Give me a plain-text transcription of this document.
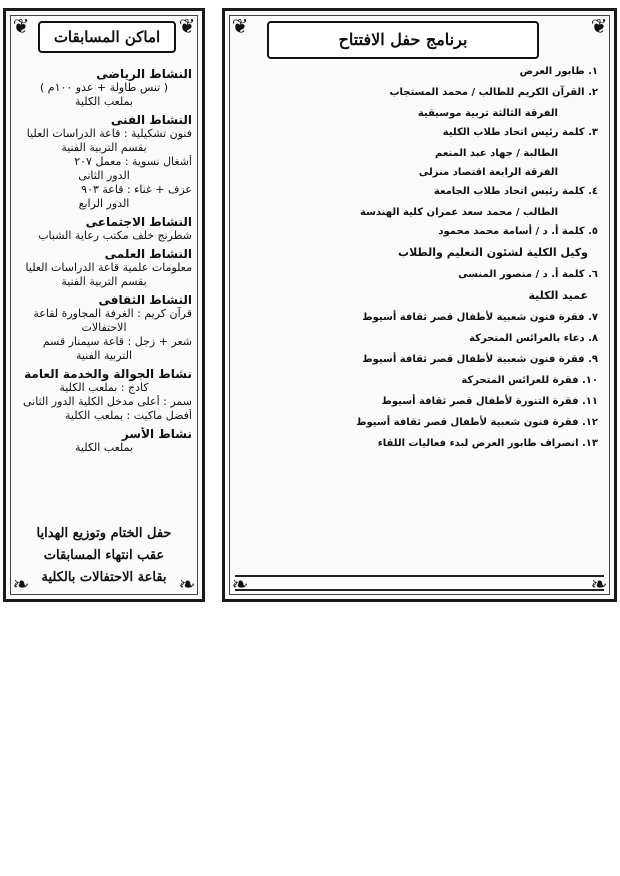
❦	❦
❧	❧
اماكن المسابقات
النشاط الرياضى
( تنس طاولة + عدو ١٠٠م )
بملعب الكلية
النشاط الفنى
فنون تشكيلية : قاعة الدراسات العليا
بقسم التربية الفنية
أشغال نسوية : معمل ٢٠٧
الدور الثانى
عزف + غناء : قاعة ٩٠٣
الدور الرابع
النشاط الاجتماعى
شطرنج خلف مكتب رعاية الشباب
النشاط العلمى
معلومات علمية قاعة الدراسات العليا
بقسم التربية الفنية
النشاط الثقافى
قرآن كريم : الغرفة المجاورة لقاعة
الاحتفالات
شعر + زجل : قاعة سيمنار قسم
التربية الفنية
نشاط الجوالة والخدمة العامة
كادج : بملعب الكلية
سمر : أعلى مدخل الكلية الدور الثانى
أفضل ماكيت : بملعب الكلية
نشاط الأسر
بملعب الكلية
حفل الختام وتوزيع الهدايا
عقب انتهاء المسابقات
بقاعة الاحتفالات بالكلية
❦	❦
❧	❧
برنامج حفل الافتتاح
١. طابور العرض
٢. القرآن الكريم للطالب / محمد المستجاب
الفرقة الثالثة تربية موسيقية
٣. كلمة رئيس اتحاد طلاب الكلية
الطالبة / جهاد عبد المنعم
الفرقة الرابعة اقتصاد منزلى
٤. كلمة رئيس اتحاد طلاب الجامعة
الطالب / محمد سعد عمران كلية الهندسة
٥. كلمة أ. د / أسامة محمد محمود
وكيل الكلية لشئون التعليم والطلاب
٦. كلمة أ. د / منصور المنسى
عميد الكلية
٧. فقرة فنون شعبية لأطفال قصر ثقافة أسيوط
٨. دعاء بالعرائس المتحركة
٩. فقرة فنون شعبية لأطفال قصر ثقافة أسيوط
١٠. فقرة للعرائس المتحركة
١١. فقرة التنورة لأطفال قصر ثقافة أسيوط
١٢. فقرة فنون شعبية لأطفال قصر ثقافة أسيوط
١٣. انصراف طابور العرض لبدء فعاليات اللقاء
